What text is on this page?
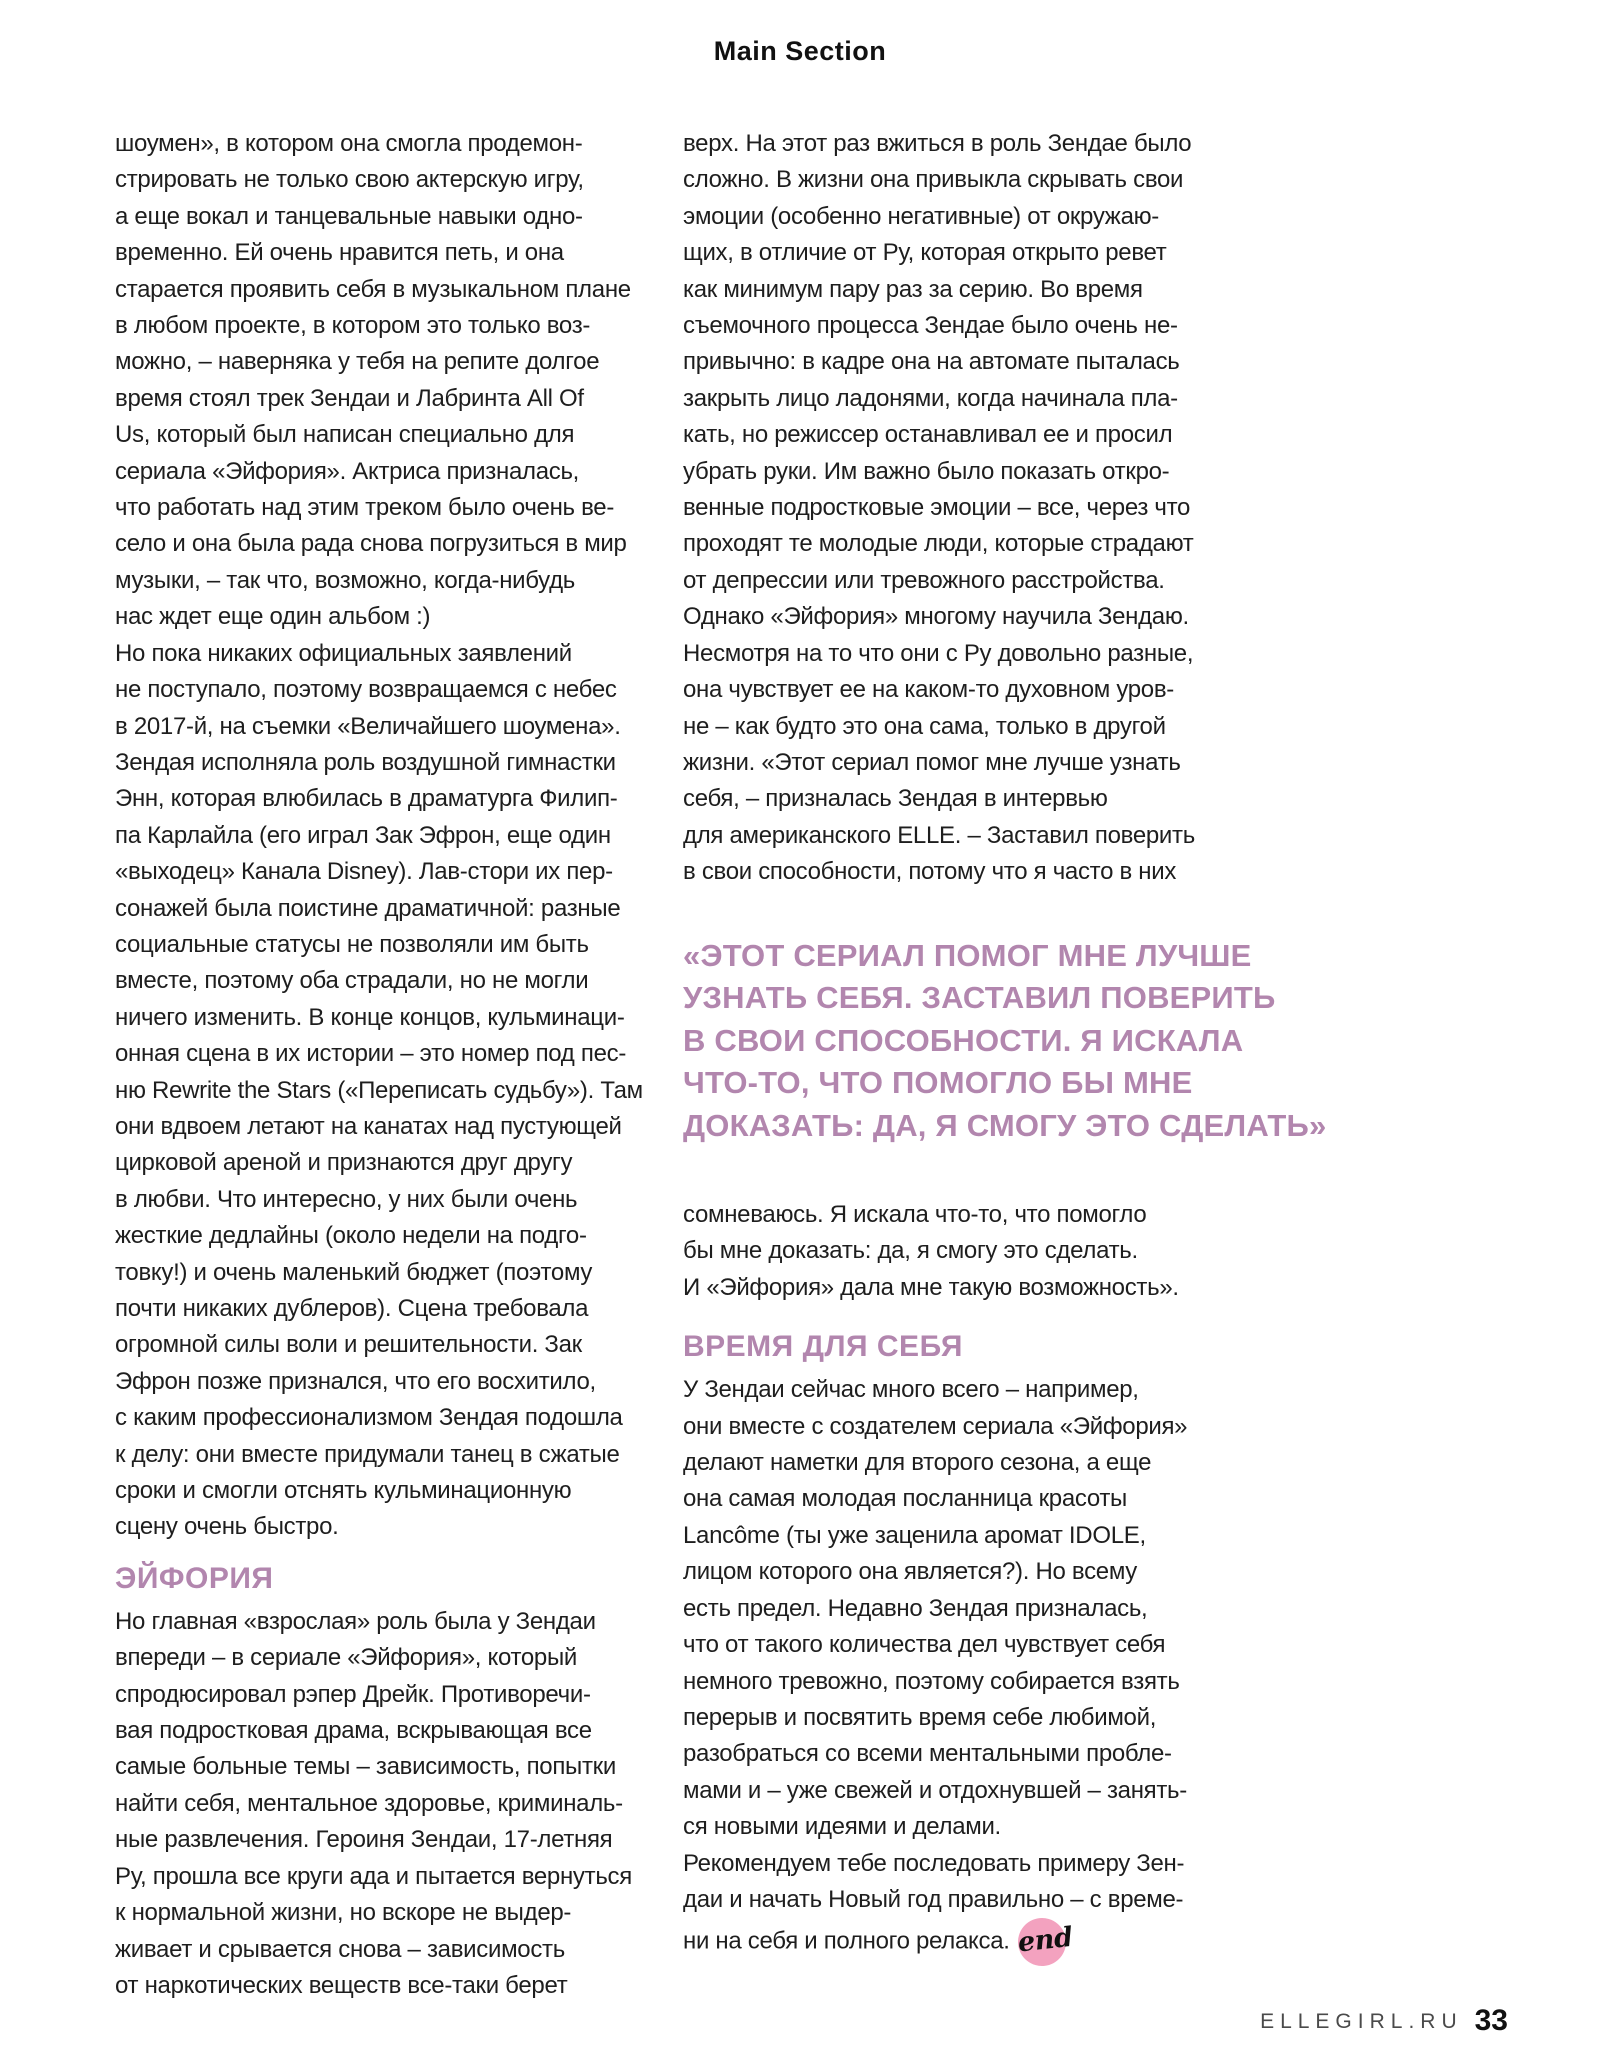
Main Section
шоумен», в котором она смогла продемон-
стрировать не только свою актерскую игру,
а еще вокал и танцевальные навыки одно-
временно. Ей очень нравится петь, и она
старается проявить себя в музыкальном плане
в любом проекте, в котором это только воз-
можно, – наверняка у тебя на репите долгое
время стоял трек Зендаи и Лабринта All Of
Us, который был написан специально для
сериала «Эйфория». Актриса призналась,
что работать над этим треком было очень ве-
село и она была рада снова погрузиться в мир
музыки, – так что, возможно, когда-нибудь
нас ждет еще один альбом :)
Но пока никаких официальных заявлений
не поступало, поэтому возвращаемся с небес
в 2017-й, на съемки «Величайшего шоумена».
Зендая исполняла роль воздушной гимнастки
Энн, которая влюбилась в драматурга Филип-
па Карлайла (его играл Зак Эфрон, еще один
«выходец» Канала Disney). Лав-стори их пер-
сонажей была поистине драматичной: разные
социальные статусы не позволяли им быть
вместе, поэтому оба страдали, но не могли
ничего изменить. В конце концов, кульминаци-
онная сцена в их истории – это номер под пес-
ню Rewrite the Stars («Переписать судьбу»). Там
они вдвоем летают на канатах над пустующей
цирковой ареной и признаются друг другу
в любви. Что интересно, у них были очень
жесткие дедлайны (около недели на подго-
товку!) и очень маленький бюджет (поэтому
почти никаких дублеров). Сцена требовала
огромной силы воли и решительности. Зак
Эфрон позже признался, что его восхитило,
с каким профессионализмом Зендая подошла
к делу: они вместе придумали танец в сжатые
сроки и смогли отснять кульминационную
сцену очень быстро.
ЭЙФОРИЯ
Но главная «взрослая» роль была у Зендаи
впереди – в сериале «Эйфория», который
спродюсировал рэпер Дрейк. Противоречи-
вая подростковая драма, вскрывающая все
самые больные темы – зависимость, попытки
найти себя, ментальное здоровье, криминаль-
ные развлечения. Героиня Зендаи, 17-летняя
Ру, прошла все круги ада и пытается вернуться
к нормальной жизни, но вскоре не выдер-
живает и срывается снова – зависимость
от наркотических веществ все-таки берет
верх. На этот раз вжиться в роль Зендае было
сложно. В жизни она привыкла скрывать свои
эмоции (особенно негативные) от окружаю-
щих, в отличие от Ру, которая открыто ревет
как минимум пару раз за серию. Во время
съемочного процесса Зендае было очень не-
привычно: в кадре она на автомате пыталась
закрыть лицо ладонями, когда начинала пла-
кать, но режиссер останавливал ее и просил
убрать руки. Им важно было показать откро-
венные подростковые эмоции – все, через что
проходят те молодые люди, которые страдают
от депрессии или тревожного расстройства.
Однако «Эйфория» многому научила Зендаю.
Несмотря на то что они с Ру довольно разные,
она чувствует ее на каком-то духовном уров-
не – как будто это она сама, только в другой
жизни. «Этот сериал помог мне лучше узнать
себя, – призналась Зендая в интервью
для американского ELLE. – Заставил поверить
в свои способности, потому что я часто в них
«ЭТОТ СЕРИАЛ ПОМОГ МНЕ ЛУЧШЕ
УЗНАТЬ СЕБЯ. ЗАСТАВИЛ ПОВЕРИТЬ
В СВОИ СПОСОБНОСТИ. Я ИСКАЛА
ЧТО-ТО, ЧТО ПОМОГЛО БЫ МНЕ
ДОКАЗАТЬ: ДА, Я СМОГУ ЭТО СДЕЛАТЬ»
сомневаюсь. Я искала что-то, что помогло
бы мне доказать: да, я смогу это сделать.
И «Эйфория» дала мне такую возможность».
ВРЕМЯ ДЛЯ СЕБЯ
У Зендаи сейчас много всего – например,
они вместе с создателем сериала «Эйфория»
делают наметки для второго сезона, а еще
она самая молодая посланница красоты
Lancôme (ты уже заценила аромат IDOLE,
лицом которого она является?). Но всему
есть предел. Недавно Зендая призналась,
что от такого количества дел чувствует себя
немного тревожно, поэтому собирается взять
перерыв и посвятить время себе любимой,
разобраться со всеми ментальными пробле-
мами и – уже свежей и отдохнувшей – занять-
ся новыми идеями и делами.
Рекомендуем тебе последовать примеру Зен-
даи и начать Новый год правильно – с време-
ни на себя и полного релакса. end
ELLEGIRL.RU 33
